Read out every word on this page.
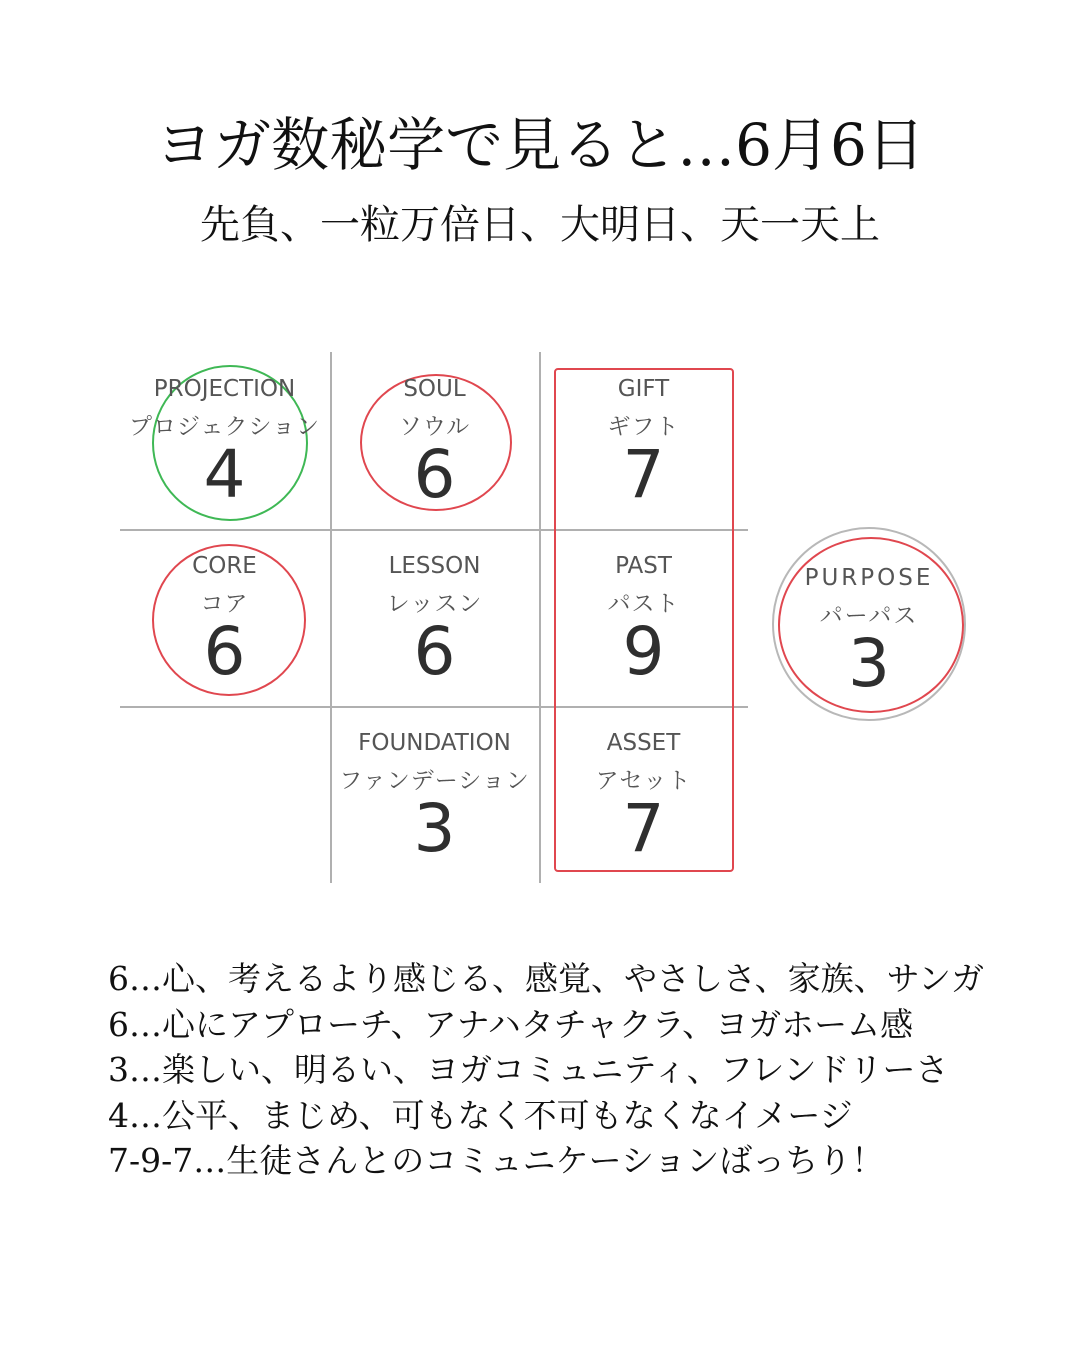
ヨガ数秘学で見ると…6月6日
先負、一粒万倍日、大明日、天一天上
PROJECTION
プロジェクション
4
SOUL
ソウル
6
GIFT
ギフト
7
CORE
コア
6
LESSON
レッスン
6
PAST
パスト
9
FOUNDATION
ファンデーション
3
ASSET
アセット
7
PURPOSE
パーパス
3
6…心、考えるより感じる、感覚、やさしさ、家族、サンガ
6…心にアプローチ、アナハタチャクラ、ヨガホーム感
3…楽しい、明るい、ヨガコミュニティ、フレンドリーさ
4…公平、まじめ、可もなく不可もなくなイメージ
7-9-7…生徒さんとのコミュニケーションばっちり！
